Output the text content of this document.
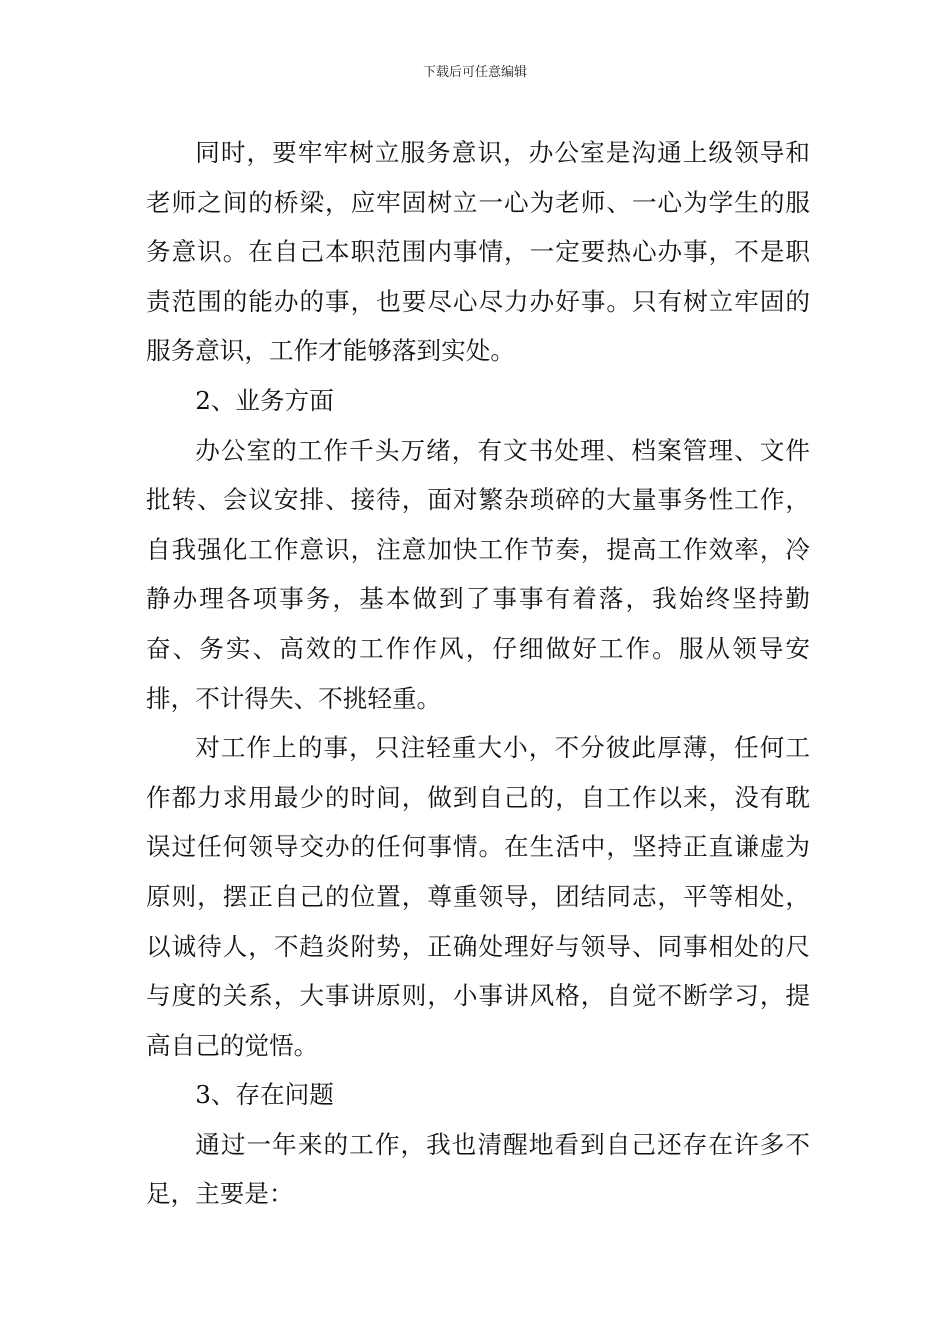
下载后可任意编辑

同时，要牢牢树立服务意识，办公室是沟通上级领导和老师之间的桥梁，应牢固树立一心为老师、一心为学生的服务意识。在自己本职范围内事情，一定要热心办事，不是职责范围的能办的事，也要尽心尽力办好事。只有树立牢固的服务意识，工作才能够落到实处。

2、业务方面

办公室的工作千头万绪，有文书处理、档案管理、文件批转、会议安排、接待，面对繁杂琐碎的大量事务性工作，自我强化工作意识，注意加快工作节奏，提高工作效率，冷静办理各项事务，基本做到了事事有着落，我始终坚持勤奋、务实、高效的工作作风，仔细做好工作。服从领导安排，不计得失、不挑轻重。

对工作上的事，只注轻重大小，不分彼此厚薄，任何工作都力求用最少的时间，做到自己的，自工作以来，没有耽误过任何领导交办的任何事情。在生活中，坚持正直谦虚为原则，摆正自己的位置，尊重领导，团结同志，平等相处，以诚待人，不趋炎附势，正确处理好与领导、同事相处的尺与度的关系，大事讲原则，小事讲风格，自觉不断学习，提高自己的觉悟。

3、存在问题

通过一年来的工作，我也清醒地看到自己还存在许多不足，主要是：
